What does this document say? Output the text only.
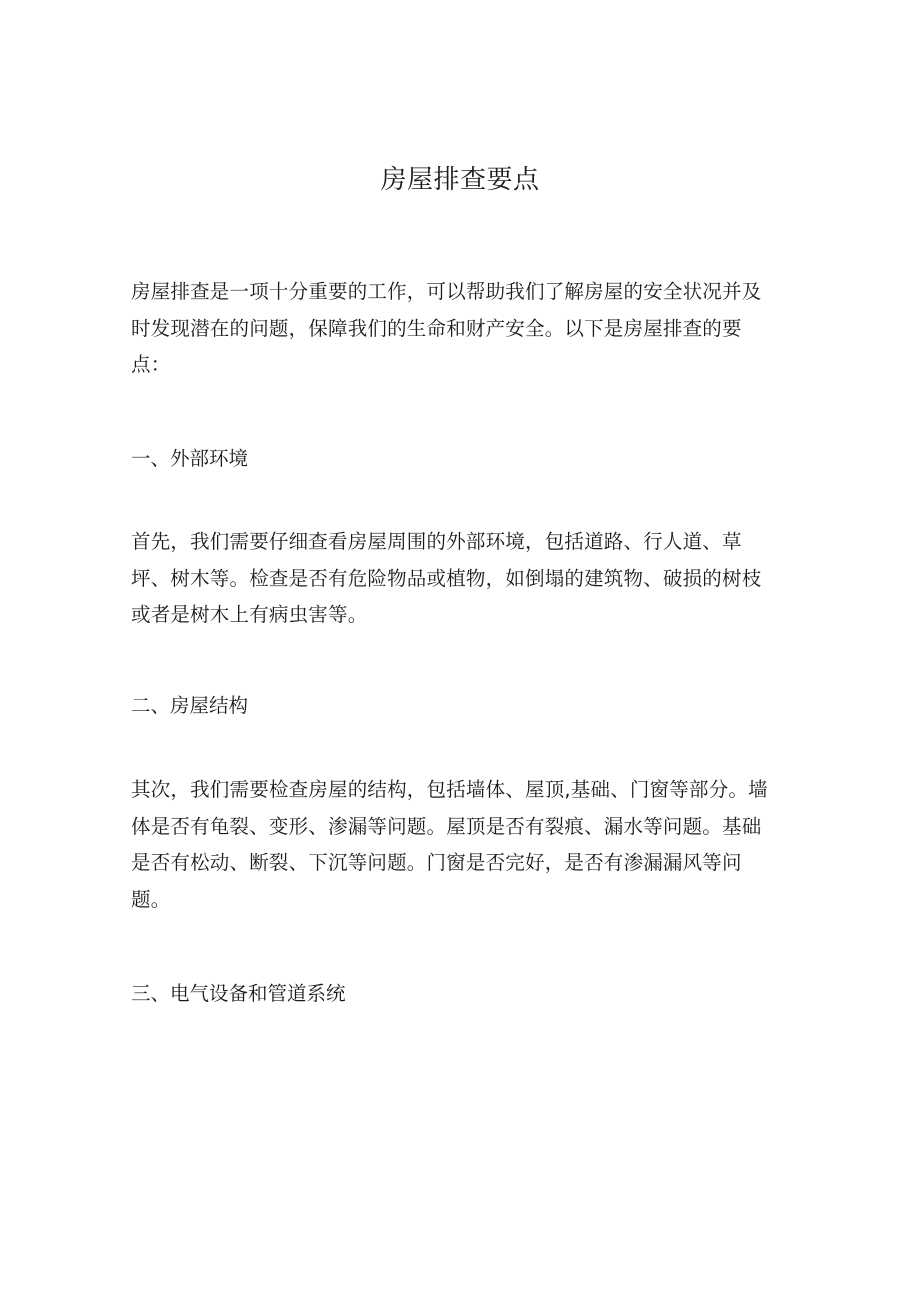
房屋排查要点

房屋排查是一项十分重要的工作，可以帮助我们了解房屋的安全状况并及
时发现潜在的问题，保障我们的生命和财产安全。以下是房屋排查的要
点：

一、外部环境

首先，我们需要仔细查看房屋周围的外部环境，包括道路、行人道、草
坪、树木等。检查是否有危险物品或植物，如倒塌的建筑物、破损的树枝
或者是树木上有病虫害等。

二、房屋结构

其次，我们需要检查房屋的结构，包括墙体、屋顶,基础、门窗等部分。墙
体是否有龟裂、变形、渗漏等问题。屋顶是否有裂痕、漏水等问题。基础
是否有松动、断裂、下沉等问题。门窗是否完好，是否有渗漏漏风等问
题。

三、电气设备和管道系统
